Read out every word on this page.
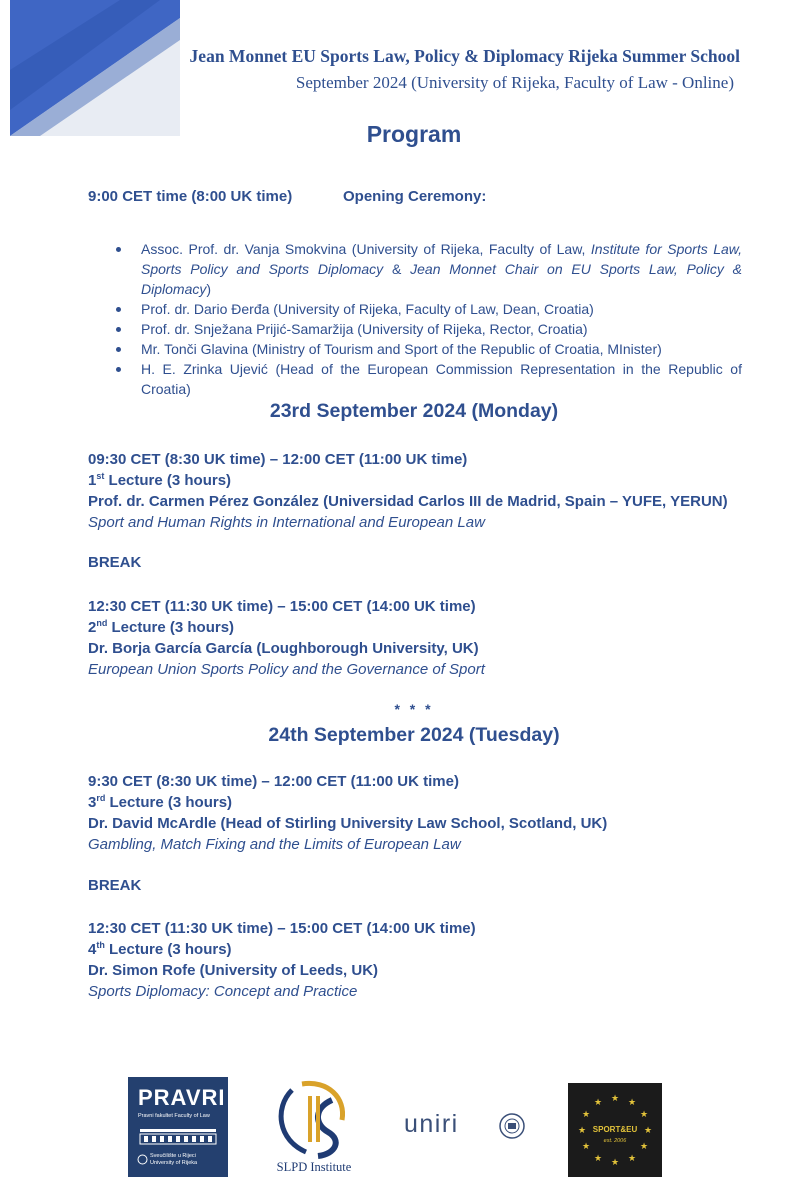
Jean Monnet EU Sports Law, Policy & Diplomacy Rijeka Summer School
September 2024 (University of Rijeka, Faculty of Law - Online)
Program
9:00 CET time (8:00 UK time)	Opening Ceremony:
Assoc. Prof. dr. Vanja Smokvina (University of Rijeka, Faculty of Law, Institute for Sports Law, Sports Policy and Sports Diplomacy & Jean Monnet Chair on EU Sports Law, Policy & Diplomacy)
Prof. dr. Dario Đerđa (University of Rijeka, Faculty of Law, Dean, Croatia)
Prof. dr. Snježana Prijić-Samaržija (University of Rijeka, Rector, Croatia)
Mr. Tonči Glavina (Ministry of Tourism and Sport of the Republic of Croatia, MInister)
H. E. Zrinka Ujević (Head of the European Commission Representation in the Republic of Croatia)
23rd September 2024 (Monday)
09:30 CET (8:30 UK time) – 12:00 CET (11:00 UK time)
1st Lecture (3 hours)
Prof. dr. Carmen Pérez González (Universidad Carlos III de Madrid, Spain – YUFE, YERUN)
Sport and Human Rights in International and European Law
BREAK
12:30 CET (11:30 UK time) – 15:00 CET (14:00 UK time)
2nd Lecture (3 hours)
Dr. Borja García García (Loughborough University, UK)
European Union Sports Policy and the Governance of Sport
* * *
24th September 2024 (Tuesday)
9:30 CET (8:30 UK time) – 12:00 CET (11:00 UK time)
3rd Lecture (3 hours)
Dr. David McArdle (Head of Stirling University Law School, Scotland, UK)
Gambling, Match Fixing and the Limits of European Law
BREAK
12:30 CET (11:30 UK time) – 15:00 CET (14:00 UK time)
4th Lecture (3 hours)
Dr. Simon Rofe (University of Leeds, UK)
Sports Diplomacy: Concept and Practice
PRAVRI
Pravni fakultet Faculty of Law
Sveučilište u Rijeci
University of Rijeka	SLPD Institute
uniri
★ ★
★
★
★
★
★
★
★
★
★
★
SPORT&EU
est. 2006
